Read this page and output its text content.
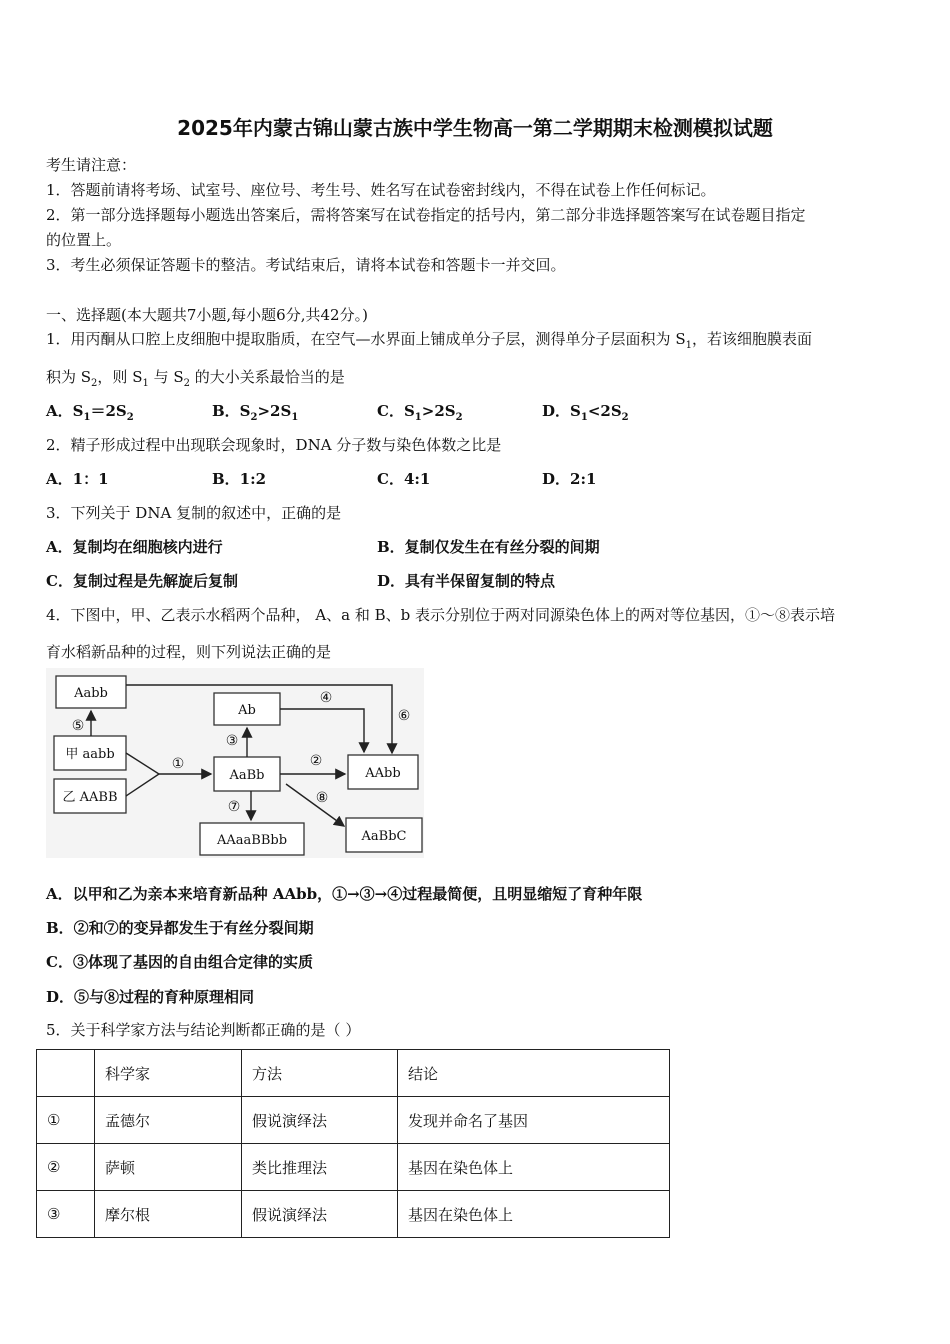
2025年内蒙古锦山蒙古族中学生物高一第二学期期末检测模拟试题
考生请注意：
1．答题前请将考场、试室号、座位号、考生号、姓名写在试卷密封线内，不得在试卷上作任何标记。
2．第一部分选择题每小题选出答案后，需将答案写在试卷指定的括号内，第二部分非选择题答案写在试卷题目指定
的位置上。
3．考生必须保证答题卡的整洁。考试结束后，请将本试卷和答题卡一并交回。
一、选择题(本大题共7小题,每小题6分,共42分。)
1．用丙酮从口腔上皮细胞中提取脂质，在空气—水界面上铺成单分子层，测得单分子层面积为 $S_1$，若该细胞膜表面
积为 $S_2$，则 $S_1$ 与 $S_2$ 的大小关系最恰当的是
A．$S_1=2S_2$	B．$S_2>2S_1$	C．$S_1>2S_2$	D．$S_1<2S_2$
2．精子形成过程中出现联会现象时，DNA 分子数与染色体数之比是
A．1：1	B．1:2	C．4:1	D．2:1
3．下列关于 DNA 复制的叙述中，正确的是
A．复制均在细胞核内进行	B．复制仅发生在有丝分裂的间期
C．复制过程是先解旋后复制	D．具有半保留复制的特点
4．下图中，甲、乙表示水稻两个品种， A、a 和 B、b 表示分别位于两对同源染色体上的两对等位基因，①～⑧表示培
育水稻新品种的过程，则下列说法正确的是
Aabb
甲 aabb
乙 AABB
Ab
AaBb	AAbb
AAaaBBbb	AaBbC
⑤
⑥
①
③
④
②
⑦
⑧
A．以甲和乙为亲本来培育新品种 AAbb，①→③→④过程最简便，且明显缩短了育种年限
B．②和⑦的变异都发生于有丝分裂间期
C．③体现了基因的自由组合定律的实质
D．⑤与⑧过程的育种原理相同
5．关于科学家方法与结论判断都正确的是（ ）
	科学家	方法	结论
①	孟德尔	假说演绎法	发现并命名了基因
②	萨顿	类比推理法	基因在染色体上
③	摩尔根	假说演绎法	基因在染色体上
